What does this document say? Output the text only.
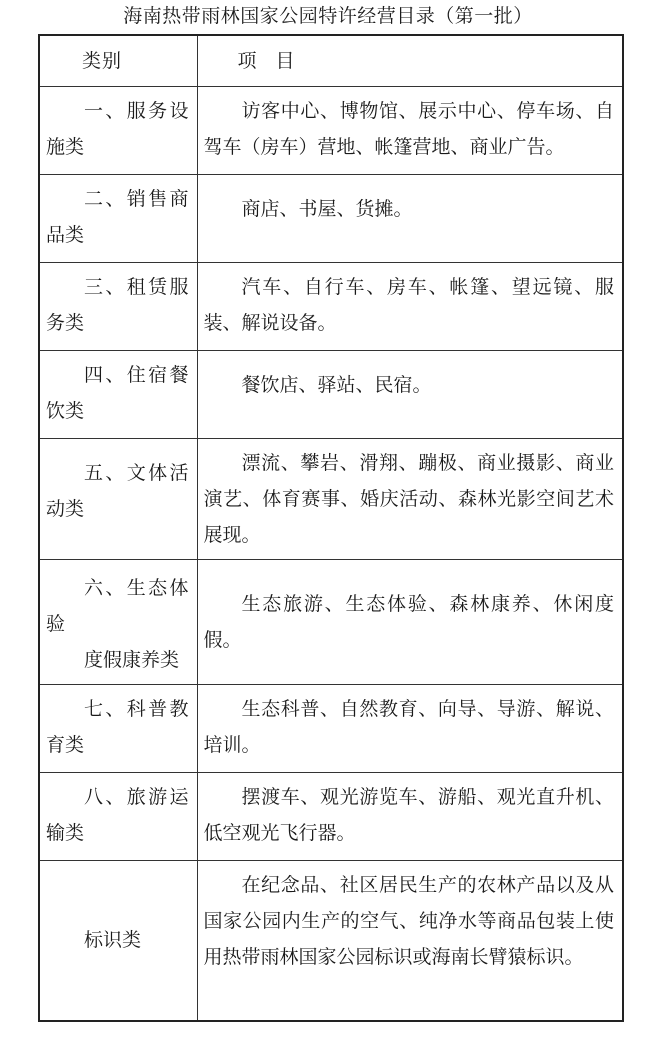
海南热带雨林国家公园特许经营目录（第一批）
类别	项　目
一、服务设施类	访客中心、博物馆、展示中心、停车场、自驾车（房车）营地、帐篷营地、商业广告。
二、销售商品类	商店、书屋、货摊。
三、租赁服务类	汽车、自行车、房车、帐篷、望远镜、服装、解说设备。
四、住宿餐饮类	餐饮店、驿站、民宿。
五、文体活动类	漂流、攀岩、滑翔、蹦极、商业摄影、商业演艺、体育赛事、婚庆活动、森林光影空间艺术展现。

六、生态体验
度假康养类	生态旅游、生态体验、森林康养、休闲度假。
七、科普教育类	生态科普、自然教育、向导、导游、解说、培训。
八、旅游运输类	摆渡车、观光游览车、游船、观光直升机、低空观光飞行器。
标识类	在纪念品、社区居民生产的农林产品以及从国家公园内生产的空气、纯净水等商品包装上使用热带雨林国家公园标识或海南长臂猿标识。
